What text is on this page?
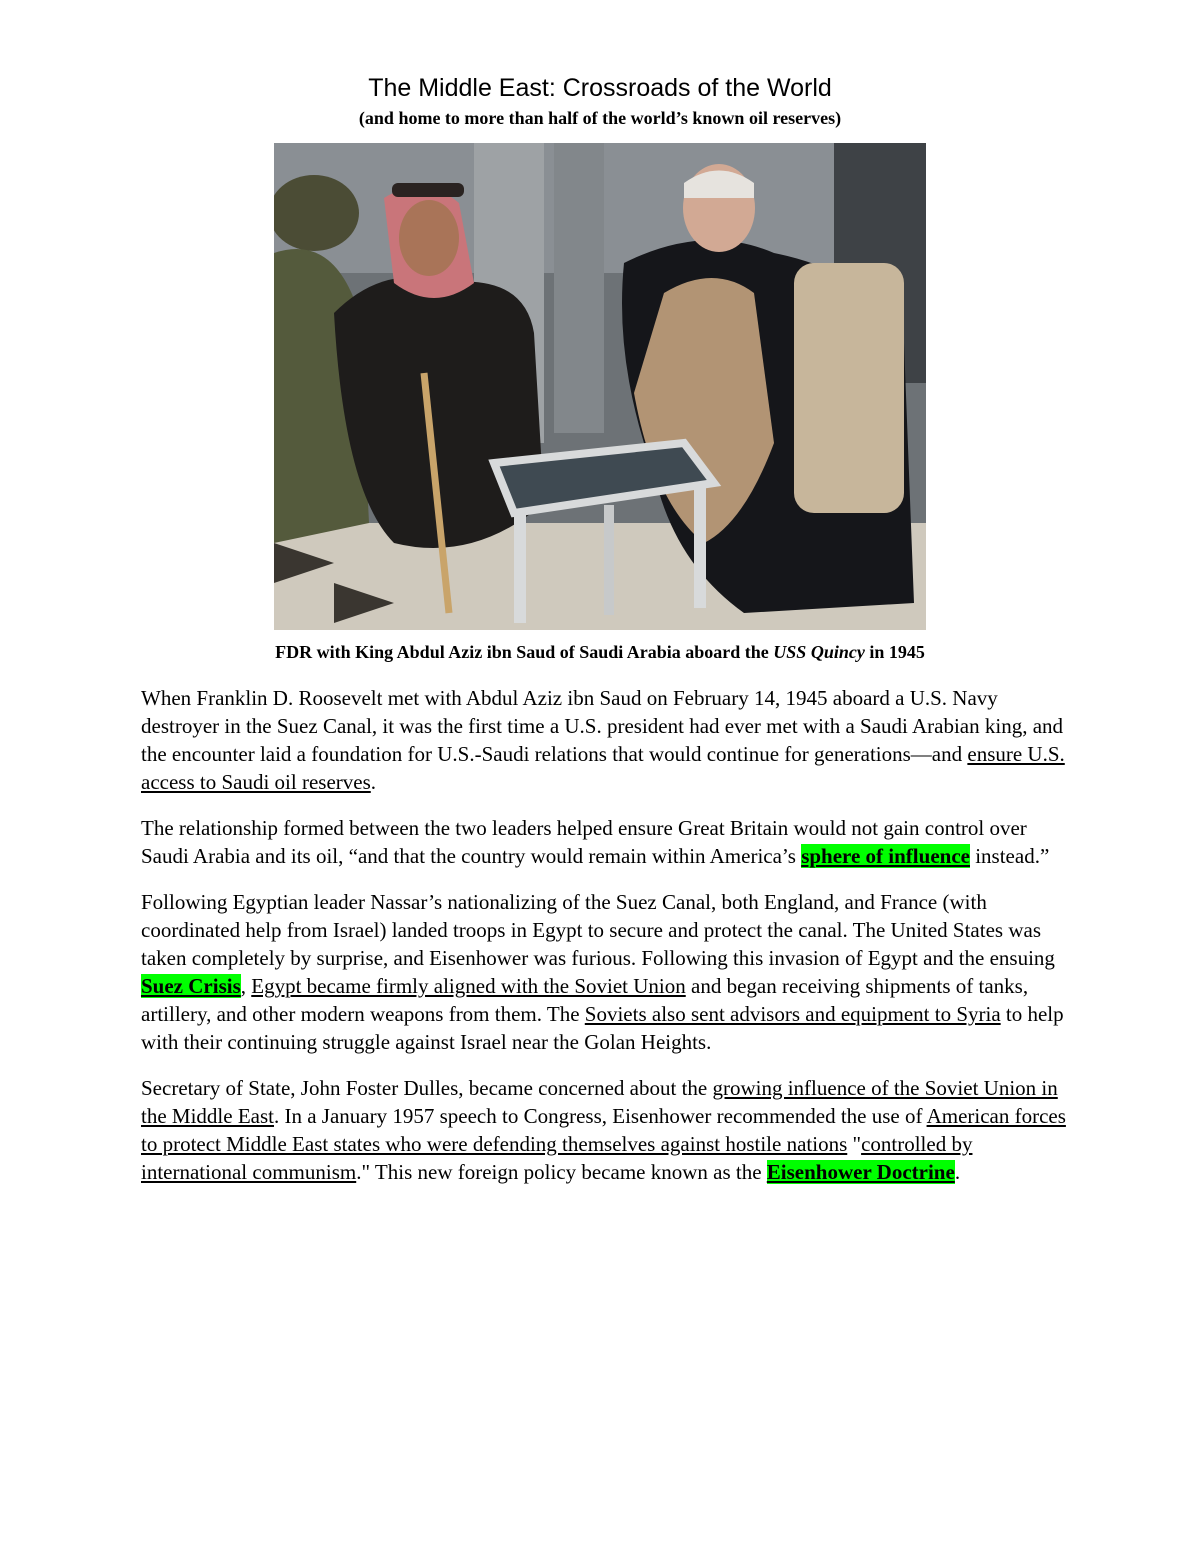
The Middle East: Crossroads of the World
(and home to more than half of the world’s known oil reserves)
FDR with King Abdul Aziz ibn Saud of Saudi Arabia aboard the USS Quincy in 1945

When Franklin D. Roosevelt met with Abdul Aziz ibn Saud on February 14, 1945 aboard a U.S. Navy destroyer in the Suez Canal, it was the first time a U.S. president had ever met with a Saudi Arabian king, and the encounter laid a foundation for U.S.-Saudi relations that would continue for generations—and ensure U.S. access to Saudi oil reserves.

The relationship formed between the two leaders helped ensure Great Britain would not gain control over Saudi Arabia and its oil, “and that the country would remain within America’s sphere of influence instead.”

Following Egyptian leader Nassar’s nationalizing of the Suez Canal, both England, and France (with coordinated help from Israel) landed troops in Egypt to secure and protect the canal. The United States was taken completely by surprise, and Eisenhower was furious. Following this invasion of Egypt and the ensuing Suez Crisis, Egypt became firmly aligned with the Soviet Union and began receiving shipments of tanks, artillery, and other modern weapons from them. The Soviets also sent advisors and equipment to Syria to help with their continuing struggle against Israel near the Golan Heights.

Secretary of State, John Foster Dulles, became concerned about the growing influence of the Soviet Union in the Middle East. In a January 1957 speech to Congress, Eisenhower recommended the use of American forces to protect Middle East states who were defending themselves against hostile nations "controlled by international communism." This new foreign policy became known as the Eisenhower Doctrine.
